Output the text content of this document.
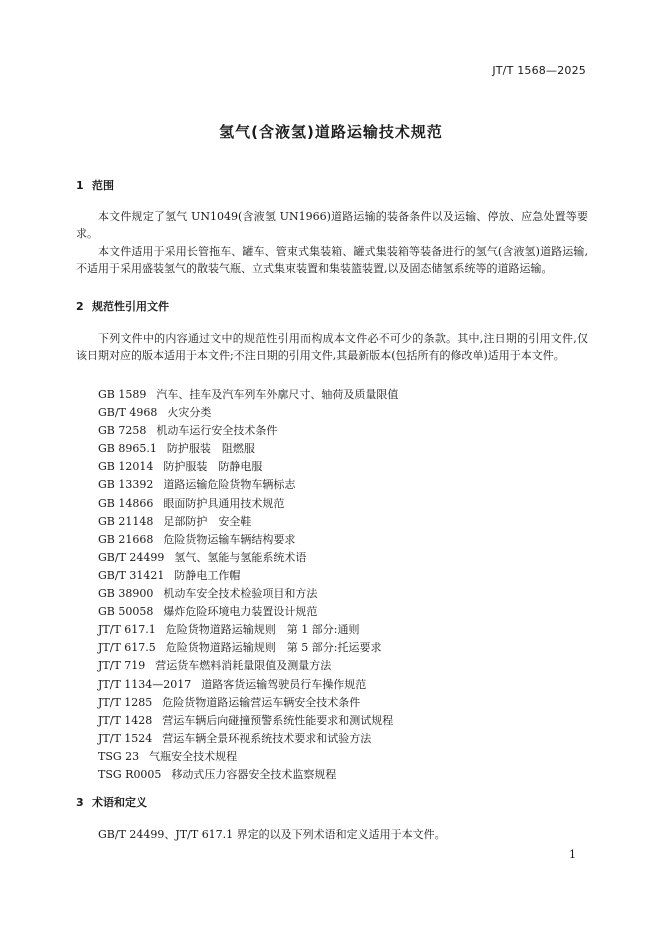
JT/T 1568—2025
氢气(含液氢)道路运输技术规范
1 范围
本文件规定了氢气 UN1049(含液氢 UN1966)道路运输的装备条件以及运输、停放、应急处置等要求。
本文件适用于采用长管拖车、罐车、管束式集装箱、罐式集装箱等装备进行的氢气(含液氢)道路运输,不适用于采用盛装氢气的散装气瓶、立式集束装置和集装篮装置,以及固态储氢系统等的道路运输。
2 规范性引用文件
下列文件中的内容通过文中的规范性引用而构成本文件必不可少的条款。其中,注日期的引用文件,仅该日期对应的版本适用于本文件;不注日期的引用文件,其最新版本(包括所有的修改单)适用于本文件。
GB 1589 汽车、挂车及汽车列车外廓尺寸、轴荷及质量限值
GB/T 4968 火灾分类
GB 7258 机动车运行安全技术条件
GB 8965.1 防护服装　阻燃服
GB 12014 防护服装　防静电服
GB 13392 道路运输危险货物车辆标志
GB 14866 眼面防护具通用技术规范
GB 21148 足部防护　安全鞋
GB 21668 危险货物运输车辆结构要求
GB/T 24499 氢气、氢能与氢能系统术语
GB/T 31421 防静电工作帽
GB 38900 机动车安全技术检验项目和方法
GB 50058 爆炸危险环境电力装置设计规范
JT/T 617.1 危险货物道路运输规则　第 1 部分:通则
JT/T 617.5 危险货物道路运输规则　第 5 部分:托运要求
JT/T 719 营运货车燃料消耗量限值及测量方法
JT/T 1134—2017 道路客货运输驾驶员行车操作规范
JT/T 1285 危险货物道路运输营运车辆安全技术条件
JT/T 1428 营运车辆后向碰撞预警系统性能要求和测试规程
JT/T 1524 营运车辆全景环视系统技术要求和试验方法
TSG 23 气瓶安全技术规程
TSG R0005 移动式压力容器安全技术监察规程
3 术语和定义
GB/T 24499、JT/T 617.1 界定的以及下列术语和定义适用于本文件。
1
